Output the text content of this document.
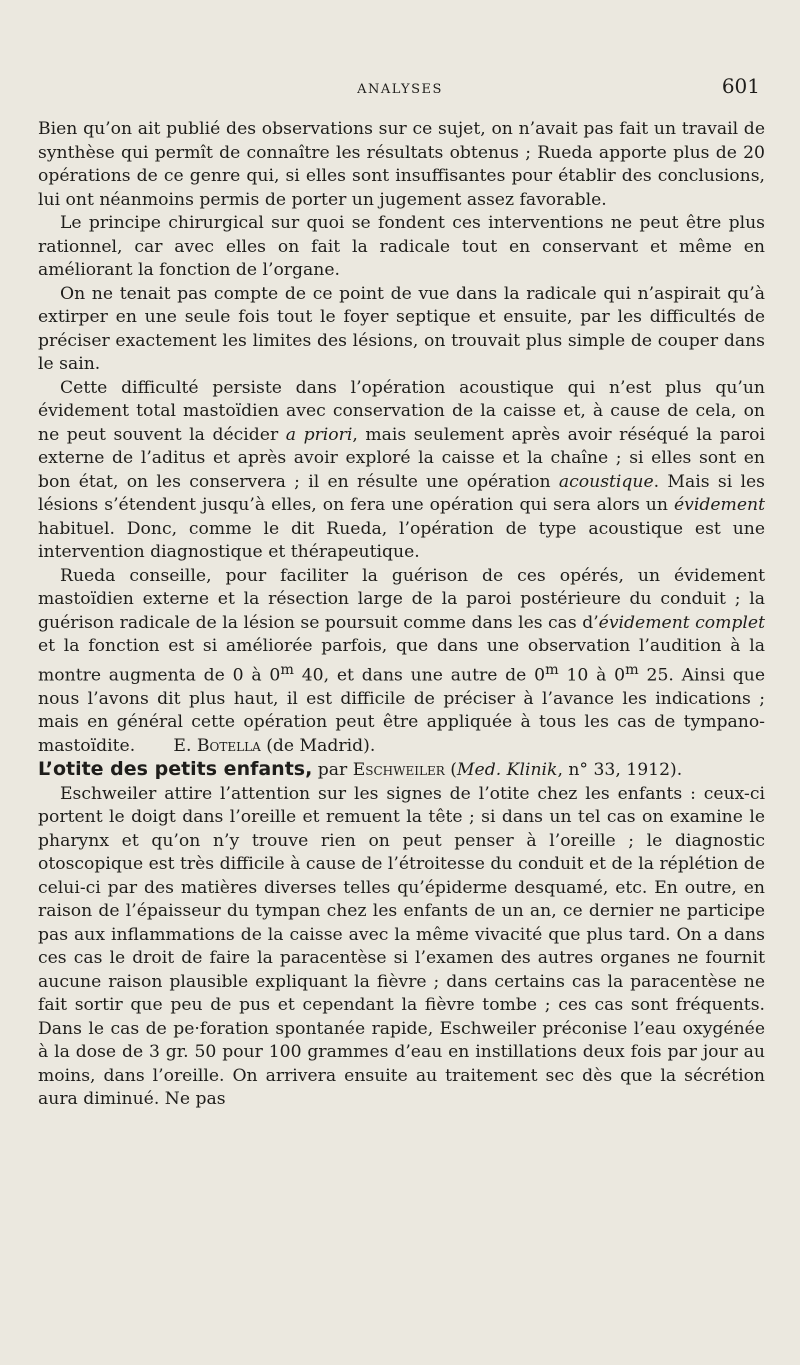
ANALYSES	601

Bien qu’on ait publié des observations sur ce sujet, on n’avait pas fait un travail de synthèse qui permît de connaître les résultats obtenus ; Rueda apporte plus de 20 opérations de ce genre qui, si elles sont insuffisantes pour établir des conclusions, lui ont néanmoins permis de porter un jugement assez favorable.

Le principe chirurgical sur quoi se fondent ces interventions ne peut être plus rationnel, car avec elles on fait la radicale tout en conservant et même en améliorant la fonction de l’organe.

On ne tenait pas compte de ce point de vue dans la radicale qui n’aspirait qu’à extirper en une seule fois tout le foyer septique et ensuite, par les difficultés de préciser exactement les limites des lésions, on trouvait plus simple de couper dans le sain.

Cette difficulté persiste dans l’opération acoustique qui n’est plus qu’un évidement total mastoïdien avec conservation de la caisse et, à cause de cela, on ne peut souvent la décider a priori, mais seulement après avoir réséqué la paroi externe de l’aditus et après avoir exploré la caisse et la chaîne ; si elles sont en bon état, on les conservera ; il en résulte une opération acoustique. Mais si les lésions s’étendent jusqu’à elles, on fera une opération qui sera alors un évidement habituel. Donc, comme le dit Rueda, l’opération de type acoustique est une intervention diagnostique et thérapeutique.

Rueda conseille, pour faciliter la guérison de ces opérés, un évidement mastoïdien externe et la résection large de la paroi postérieure du conduit ; la guérison radicale de la lésion se poursuit comme dans les cas d’évidement complet et la fonction est si améliorée parfois, que dans une observation l’audition à la montre augmenta de 0 à 0$^m$ 40, et dans une autre de 0$^m$ 10 à 0$^m$ 25. Ainsi que nous l’avons dit plus haut, il est difficile de préciser à l’avance les indications ; mais en général cette opération peut être appliquée à tous les cas de tympano-mastoïdite. E. Botella (de Madrid).

L’otite des petits enfants, par Eschweiler (Med. Klinik, n° 33, 1912).

Eschweiler attire l’attention sur les signes de l’otite chez les enfants : ceux-ci portent le doigt dans l’oreille et remuent la tête ; si dans un tel cas on examine le pharynx et qu’on n’y trouve rien on peut penser à l’oreille ; le diagnostic otoscopique est très difficile à cause de l’étroitesse du conduit et de la réplétion de celui-ci par des matières diverses telles qu’épiderme desquamé, etc. En outre, en raison de l’épaisseur du tympan chez les enfants de un an, ce dernier ne participe pas aux inflammations de la caisse avec la même vivacité que plus tard. On a dans ces cas le droit de faire la paracentèse si l’examen des autres organes ne fournit aucune raison plausible expliquant la fièvre ; dans certains cas la paracentèse ne fait sortir que peu de pus et cependant la fièvre tombe ; ces cas sont fréquents. Dans le cas de pe·foration spontanée rapide, Eschweiler préconise l’eau oxygénée à la dose de 3 gr. 50 pour 100 grammes d’eau en instillations deux fois par jour au moins, dans l’oreille. On arrivera ensuite au traitement sec dès que la sécrétion aura diminué. Ne pas
